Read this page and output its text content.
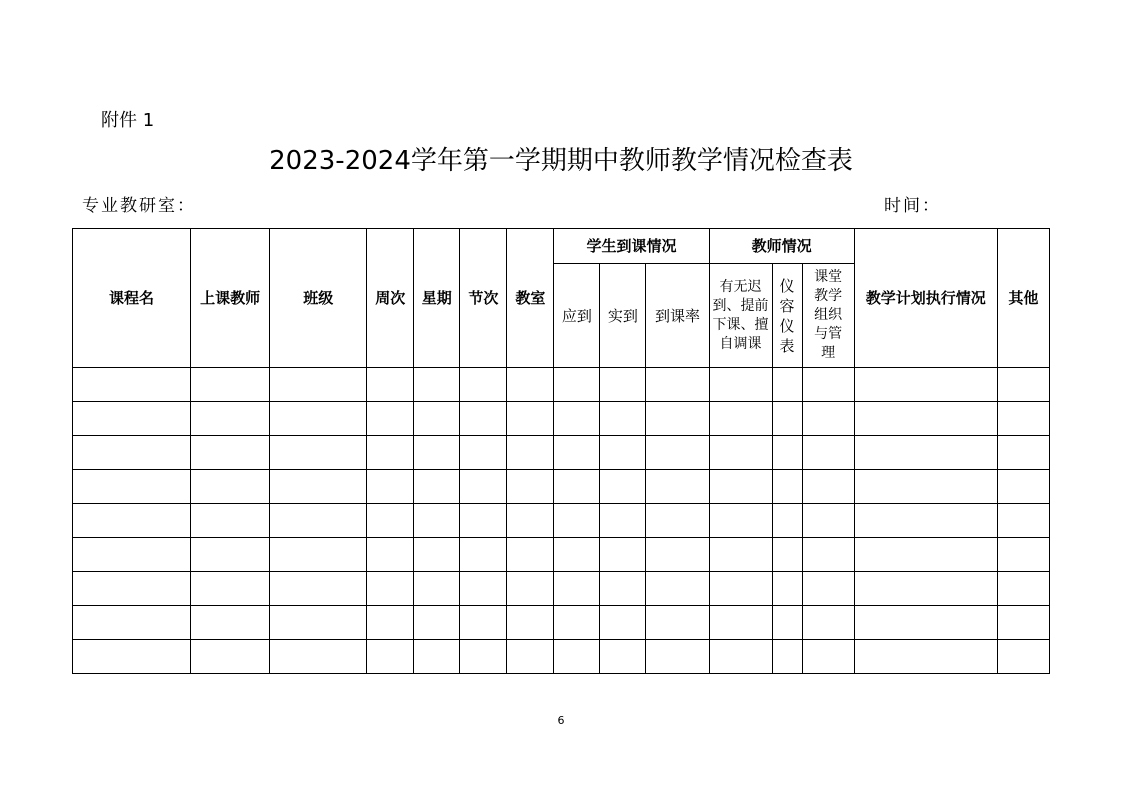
附件 1
2023-2024学年第一学期期中教师教学情况检查表
专业教研室：	时间：
课程名	上课教师	班级	周次	星期	节次	教室	学生到课情况			教师情况			教学计划执行情况	其他
							应到	实到	到课率	有无迟到、提前下课、擅自调课	仪容仪表	课堂教学组织与管理		

6
